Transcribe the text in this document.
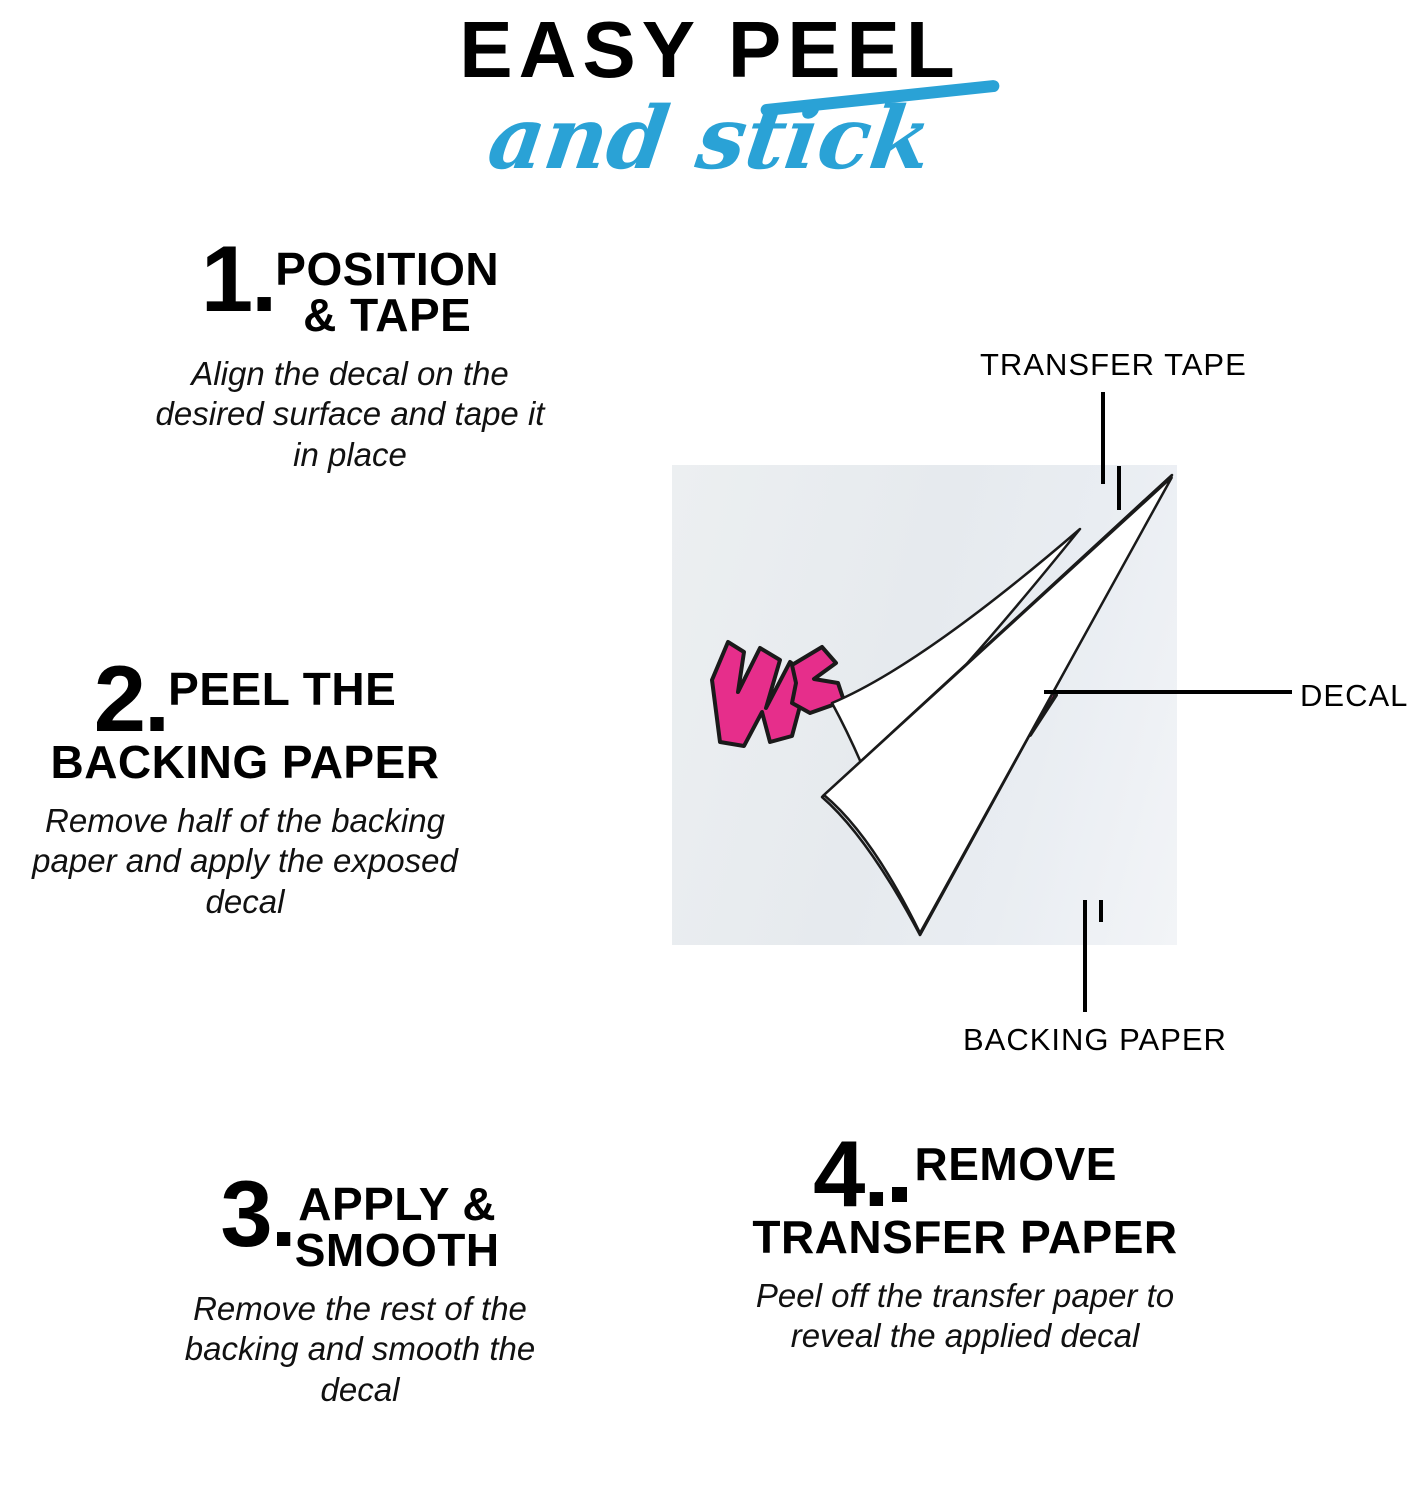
EASY PEEL
and stick
1. POSITION
& TAPE
Align the decal on the desired surface and tape it in place
2. PEEL THE
BACKING PAPER
Remove half of the backing paper and apply the exposed decal
3. APPLY &
SMOOTH
Remove the rest of the backing and smooth the decal
4. REMOVE
TRANSFER PAPER
Peel off the transfer paper to reveal the applied decal
TRANSFER TAPE
DECAL
BACKING PAPER
